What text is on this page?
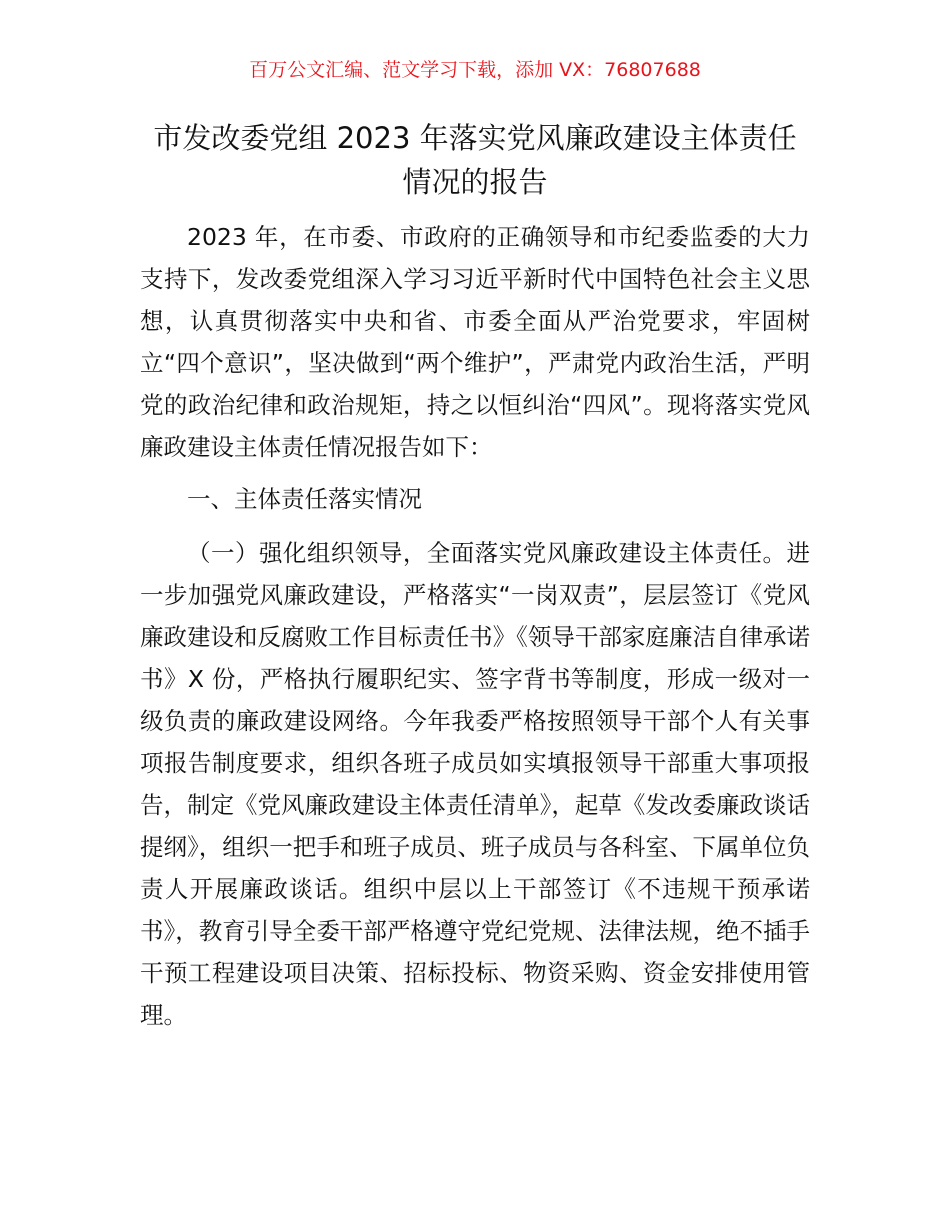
百万公文汇编、范文学习下载，添加 VX：76807688
市发改委党组 2023 年落实党风廉政建设主体责任情况的报告

2023 年，在市委、市政府的正确领导和市纪委监委的大力支持下，发改委党组深入学习习近平新时代中国特色社会主义思想，认真贯彻落实中央和省、市委全面从严治党要求，牢固树立“四个意识”，坚决做到“两个维护”，严肃党内政治生活，严明党的政治纪律和政治规矩，持之以恒纠治“四风”。现将落实党风廉政建设主体责任情况报告如下：

一、主体责任落实情况

（一）强化组织领导，全面落实党风廉政建设主体责任。进一步加强党风廉政建设，严格落实“一岗双责”，层层签订《党风廉政建设和反腐败工作目标责任书》《领导干部家庭廉洁自律承诺书》X 份，严格执行履职纪实、签字背书等制度，形成一级对一级负责的廉政建设网络。今年我委严格按照领导干部个人有关事项报告制度要求，组织各班子成员如实填报领导干部重大事项报告，制定《党风廉政建设主体责任清单》，起草《发改委廉政谈话提纲》，组织一把手和班子成员、班子成员与各科室、下属单位负责人开展廉政谈话。组织中层以上干部签订《不违规干预承诺书》，教育引导全委干部严格遵守党纪党规、法律法规，绝不插手干预工程建设项目决策、招标投标、物资采购、资金安排使用管理。
